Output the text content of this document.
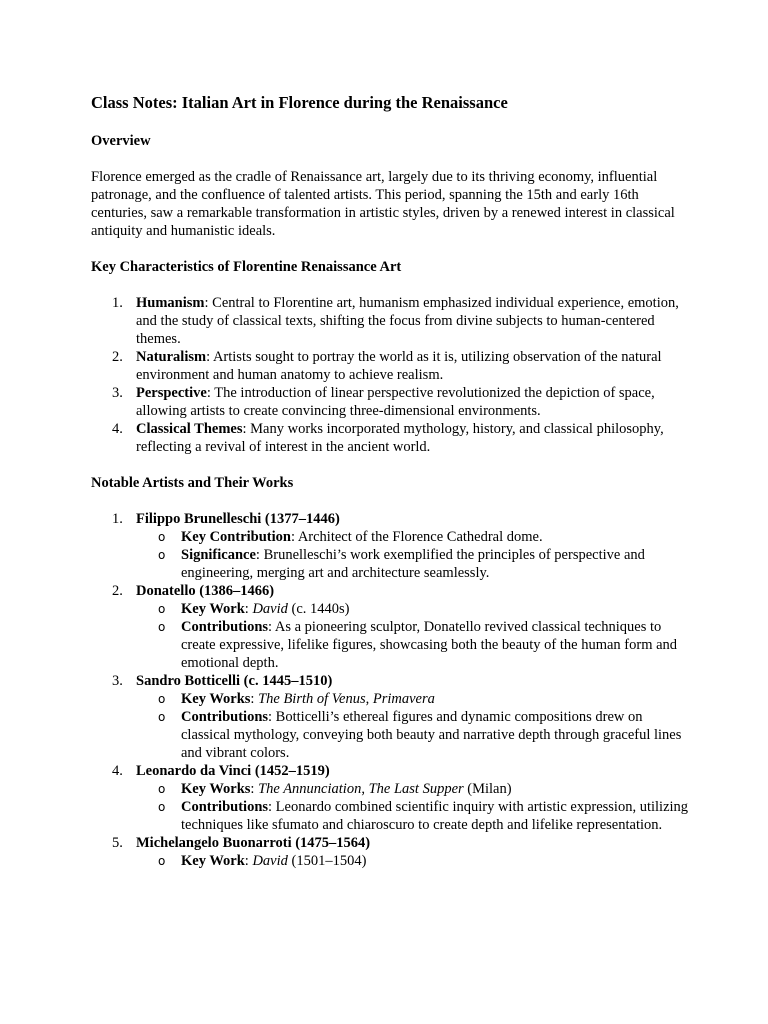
Class Notes: Italian Art in Florence during the Renaissance
Overview

Florence emerged as the cradle of Renaissance art, largely due to its thriving economy, influential patronage, and the confluence of talented artists. This period, spanning the 15th and early 16th centuries, saw a remarkable transformation in artistic styles, driven by a renewed interest in classical antiquity and humanistic ideals.

Key Characteristics of Florentine Renaissance Art
1. Humanism: Central to Florentine art, humanism emphasized individual experience, emotion, and the study of classical texts, shifting the focus from divine subjects to human-centered themes.
2. Naturalism: Artists sought to portray the world as it is, utilizing observation of the natural environment and human anatomy to achieve realism.
3. Perspective: The introduction of linear perspective revolutionized the depiction of space, allowing artists to create convincing three-dimensional environments.
4. Classical Themes: Many works incorporated mythology, history, and classical philosophy, reflecting a revival of interest in the ancient world.
Notable Artists and Their Works
1. Filippo Brunelleschi (1377–1446)
o Key Contribution: Architect of the Florence Cathedral dome.
o Significance: Brunelleschi’s work exemplified the principles of perspective and engineering, merging art and architecture seamlessly.
2. Donatello (1386–1466)
o Key Work: David (c. 1440s)
o Contributions: As a pioneering sculptor, Donatello revived classical techniques to create expressive, lifelike figures, showcasing both the beauty of the human form and emotional depth.
3. Sandro Botticelli (c. 1445–1510)
o Key Works: The Birth of Venus, Primavera
o Contributions: Botticelli’s ethereal figures and dynamic compositions drew on classical mythology, conveying both beauty and narrative depth through graceful lines and vibrant colors.
4. Leonardo da Vinci (1452–1519)
o Key Works: The Annunciation, The Last Supper (Milan)
o Contributions: Leonardo combined scientific inquiry with artistic expression, utilizing techniques like sfumato and chiaroscuro to create depth and lifelike representation.
5. Michelangelo Buonarroti (1475–1564)
o Key Work: David (1501–1504)
